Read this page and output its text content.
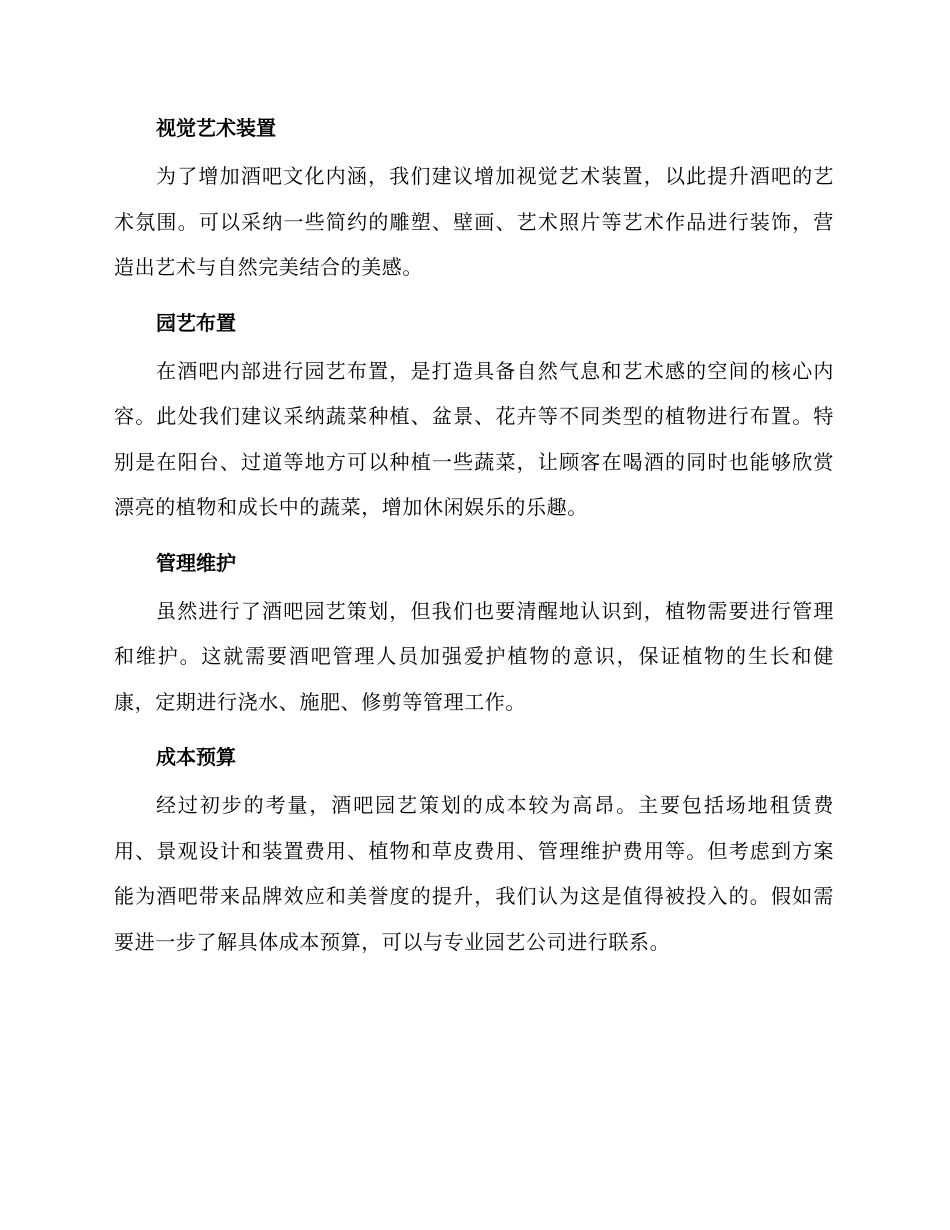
视觉艺术装置

为了增加酒吧文化内涵，我们建议增加视觉艺术装置，以此提升酒吧的艺术氛围。可以采纳一些简约的雕塑、壁画、艺术照片等艺术作品进行装饰，营造出艺术与自然完美结合的美感。

园艺布置

在酒吧内部进行园艺布置，是打造具备自然气息和艺术感的空间的核心内容。此处我们建议采纳蔬菜种植、盆景、花卉等不同类型的植物进行布置。特别是在阳台、过道等地方可以种植一些蔬菜，让顾客在喝酒的同时也能够欣赏漂亮的植物和成长中的蔬菜，增加休闲娱乐的乐趣。

管理维护

虽然进行了酒吧园艺策划，但我们也要清醒地认识到，植物需要进行管理和维护。这就需要酒吧管理人员加强爱护植物的意识，保证植物的生长和健康，定期进行浇水、施肥、修剪等管理工作。

成本预算

经过初步的考量，酒吧园艺策划的成本较为高昂。主要包括场地租赁费用、景观设计和装置费用、植物和草皮费用、管理维护费用等。但考虑到方案能为酒吧带来品牌效应和美誉度的提升，我们认为这是值得被投入的。假如需要进一步了解具体成本预算，可以与专业园艺公司进行联系。
